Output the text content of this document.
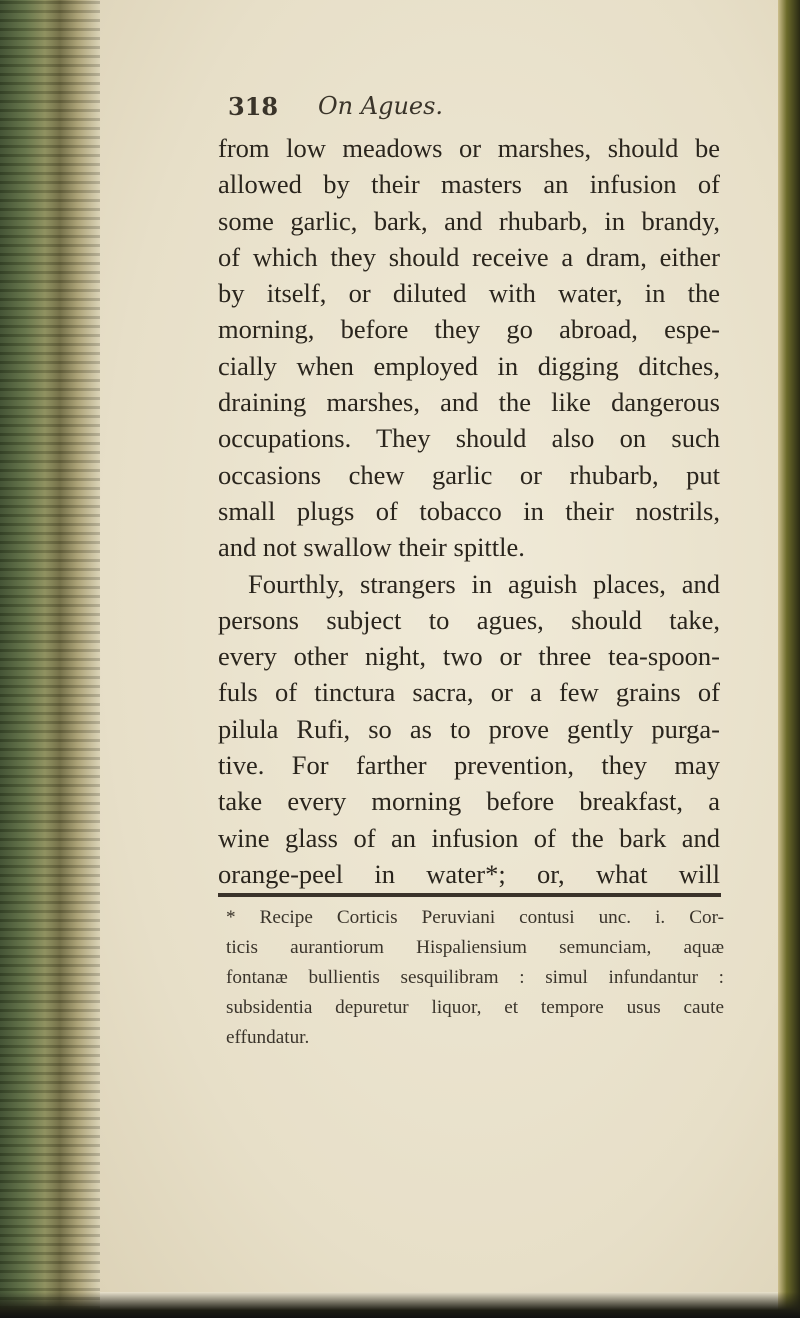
318 On Agues.
from low meadows or marshes, should be
allowed by their masters an infusion of
some garlic, bark, and rhubarb, in brandy,
of which they should receive a dram, either
by itself, or diluted with water, in the
morning, before they go abroad, espe-
cially when employed in digging ditches,
draining marshes, and the like dangerous
occupations. They should also on such
occasions chew garlic or rhubarb, put
small plugs of tobacco in their nostrils,
and not swallow their spittle.
Fourthly, strangers in aguish places, and
persons subject to agues, should take,
every other night, two or three tea-spoon-
fuls of tinctura sacra, or a few grains of
pilula Rufi, so as to prove gently purga-
tive. For farther prevention, they may
take every morning before breakfast, a
wine glass of an infusion of the bark and
orange-peel in water*; or, what will
* Recipe Corticis Peruviani contusi unc. i. Cor-
ticis aurantiorum Hispaliensium semunciam, aquæ
fontanæ bullientis sesquilibram : simul infundantur :
subsidentia depuretur liquor, et tempore usus caute
effundatur.
